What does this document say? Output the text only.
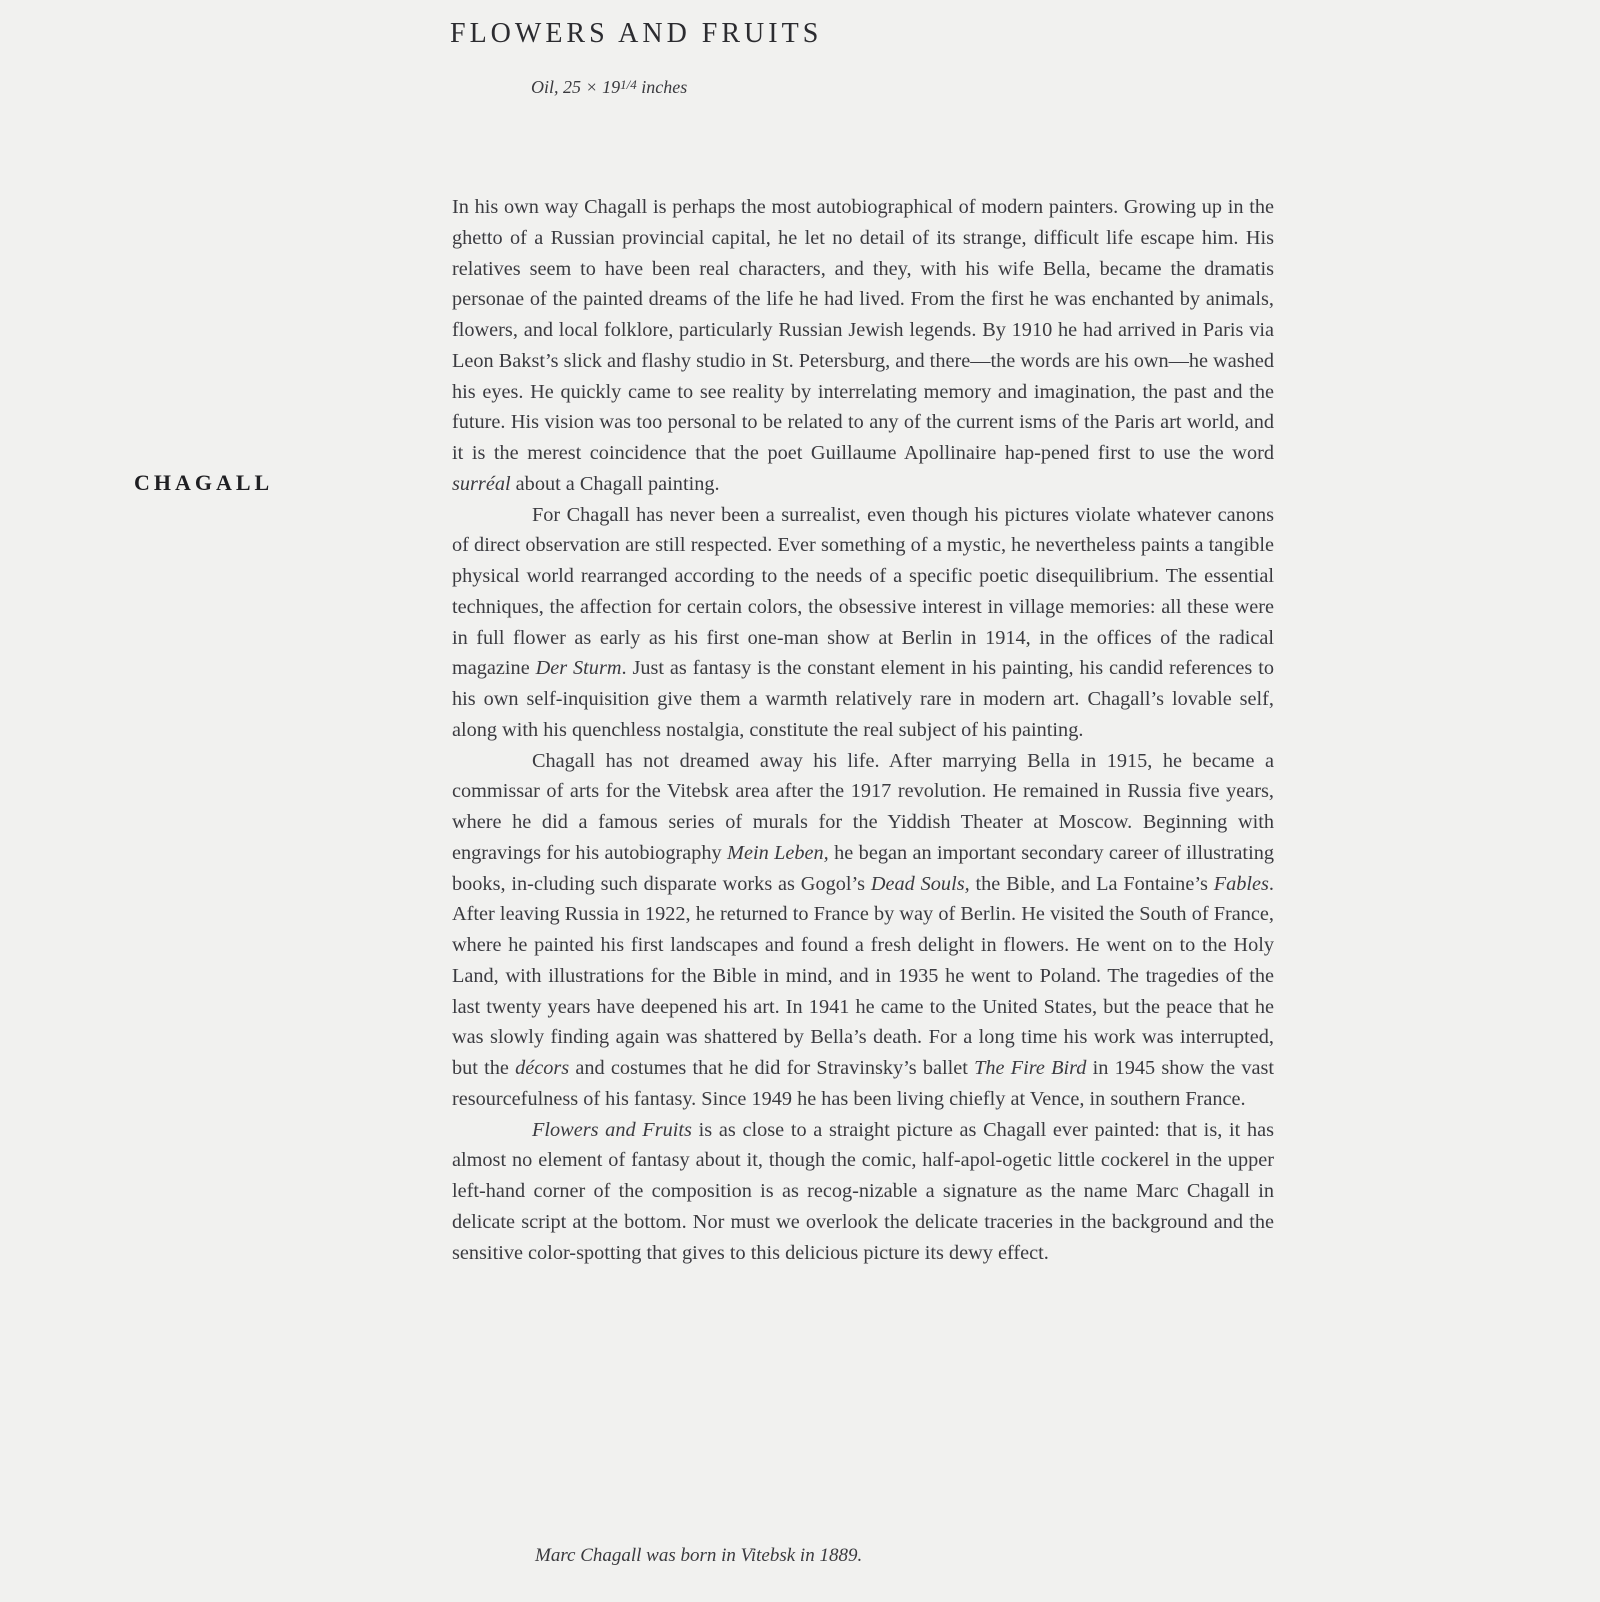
FLOWERS AND FRUITS
Oil, $25 \times 19^{1/4}$ inches
CHAGALL

In his own way Chagall is perhaps the most autobiographical of modern painters. Growing up in the ghetto of a Russian provincial capital, he let no detail of its strange, difficult life escape him. His relatives seem to have been real characters, and they, with his wife Bella, became the dramatis personae of the painted dreams of the life he had lived. From the first he was enchanted by animals, flowers, and local folklore, particularly Russian Jewish legends. By 1910 he had arrived in Paris via Leon Bakst’s slick and flashy studio in St. Petersburg, and there—the words are his own—he washed his eyes. He quickly came to see reality by interrelating memory and imagination, the past and the future. His vision was too personal to be related to any of the current isms of the Paris art world, and it is the merest coincidence that the poet Guillaume Apollinaire hap-pened first to use the word surréal about a Chagall painting.

For Chagall has never been a surrealist, even though his pictures violate whatever canons of direct observation are still respected. Ever something of a mystic, he nevertheless paints a tangible physical world rearranged according to the needs of a specific poetic disequilibrium. The essential techniques, the affection for certain colors, the obsessive interest in village memories: all these were in full flower as early as his first one-man show at Berlin in 1914, in the offices of the radical magazine Der Sturm. Just as fantasy is the constant element in his painting, his candid references to his own self-inquisition give them a warmth relatively rare in modern art. Chagall’s lovable self, along with his quenchless nostalgia, constitute the real subject of his painting.

Chagall has not dreamed away his life. After marrying Bella in 1915, he became a commissar of arts for the Vitebsk area after the 1917 revolution. He remained in Russia five years, where he did a famous series of murals for the Yiddish Theater at Moscow. Beginning with engravings for his autobiography Mein Leben, he began an important secondary career of illustrating books, in-cluding such disparate works as Gogol’s Dead Souls, the Bible, and La Fontaine’s Fables. After leaving Russia in 1922, he returned to France by way of Berlin. He visited the South of France, where he painted his first landscapes and found a fresh delight in flowers. He went on to the Holy Land, with illustrations for the Bible in mind, and in 1935 he went to Poland. The tragedies of the last twenty years have deepened his art. In 1941 he came to the United States, but the peace that he was slowly finding again was shattered by Bella’s death. For a long time his work was interrupted, but the décors and costumes that he did for Stravinsky’s ballet The Fire Bird in 1945 show the vast resourcefulness of his fantasy. Since 1949 he has been living chiefly at Vence, in southern France.

Flowers and Fruits is as close to a straight picture as Chagall ever painted: that is, it has almost no element of fantasy about it, though the comic, half-apol-ogetic little cockerel in the upper left-hand corner of the composition is as recog-nizable a signature as the name Marc Chagall in delicate script at the bottom. Nor must we overlook the delicate traceries in the background and the sensitive color-spotting that gives to this delicious picture its dewy effect.

Marc Chagall was born in Vitebsk in 1889.
